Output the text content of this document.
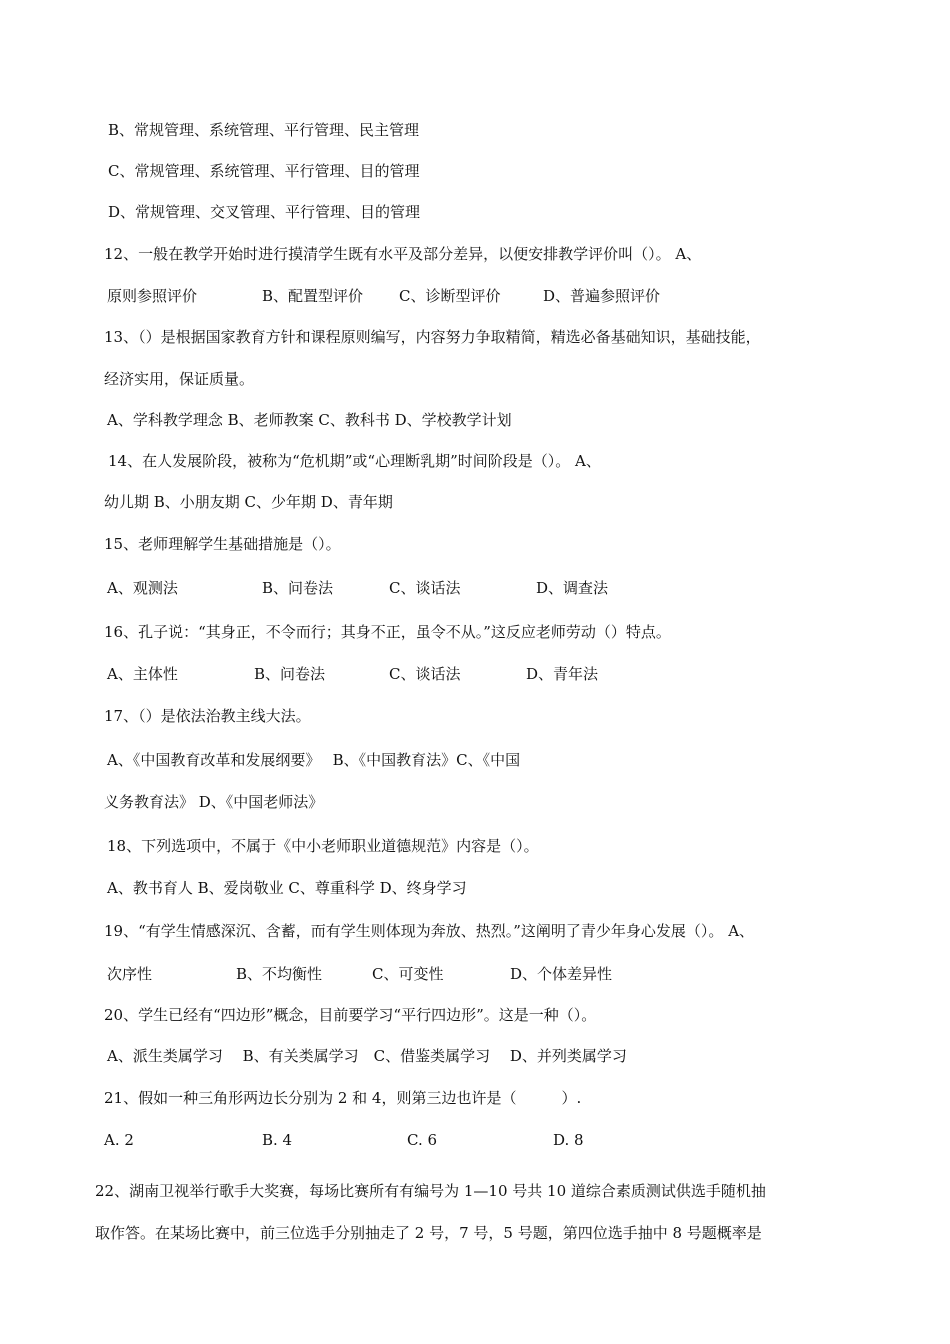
B、常规管理、系统管理、平行管理、民主管理
C、常规管理、系统管理、平行管理、目的管理
D、常规管理、交叉管理、平行管理、目的管理
12、一般在教学开始时进行摸清学生既有水平及部分差异，以便安排教学评价叫（）。 A、
原则参照评价	B、配置型评价 C、诊断型评价	D、普遍参照评价
13、（）是根据国家教育方针和课程原则编写，内容努力争取精简，精选必备基础知识，基础技能，
经济实用，保证质量。
A、学科教学理念 B、老师教案 C、教科书 D、学校教学计划
14、在人发展阶段，被称为“危机期”或“心理断乳期”时间阶段是（）。 A、
幼儿期 B、小朋友期 C、少年期 D、青年期
15、老师理解学生基础措施是（）。
A、观测法	B、问卷法	C、谈话法	D、调查法
16、孔子说：“其身正，不令而行；其身不正，虽令不从。”这反应老师劳动（）特点。
A、主体性	B、问卷法	C、谈话法	D、青年法
17、（）是依法治教主线大法。
A、《中国教育改革和发展纲要》　 B、《中国教育法》C、《中国
义务教育法》 D、《中国老师法》
18、下列选项中，不属于《中小老师职业道德规范》内容是（）。
A、教书育人 B、爱岗敬业 C、尊重科学 D、终身学习
19、“有学生情感深沉、含蓄，而有学生则体现为奔放、热烈。”这阐明了青少年身心发展（）。 A、
次序性	B、不均衡性	C、可变性	D、个体差异性
20、学生已经有“四边形”概念，目前要学习“平行四边形”。这是一种（）。
A、派生类属学习　 B、有关类属学习　C、借鉴类属学习　 D、并列类属学习
21、假如一种三角形两边长分别为 2 和 4，则第三边也许是（　　　）.
A. 2	B. 4	C. 6	D. 8
22、湖南卫视举行歌手大奖赛，每场比赛所有有编号为 1—10 号共 10 道综合素质测试供选手随机抽
取作答。在某场比赛中，前三位选手分别抽走了 2 号，7 号，5 号题，第四位选手抽中 8 号题概率是
